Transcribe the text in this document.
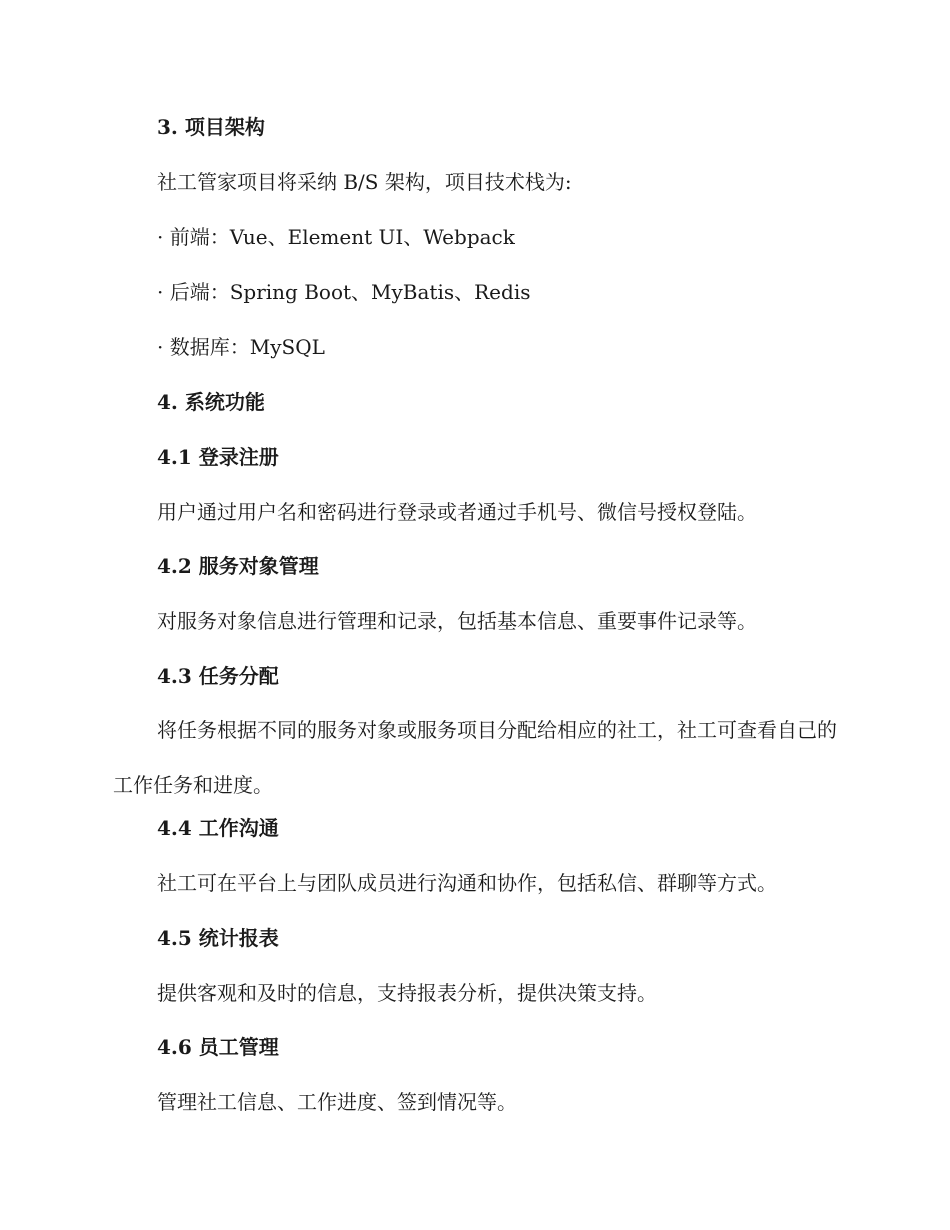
3. 项目架构
社工管家项目将采纳 B/S 架构，项目技术栈为:
· 前端：Vue、Element UI、Webpack
· 后端：Spring Boot、MyBatis、Redis
· 数据库：MySQL
4. 系统功能
4.1 登录注册
用户通过用户名和密码进行登录或者通过手机号、微信号授权登陆。
4.2 服务对象管理
对服务对象信息进行管理和记录，包括基本信息、重要事件记录等。
4.3 任务分配
将任务根据不同的服务对象或服务项目分配给相应的社工，社工可查看自己的工作任务和进度。
4.4 工作沟通
社工可在平台上与团队成员进行沟通和协作，包括私信、群聊等方式。
4.5 统计报表
提供客观和及时的信息，支持报表分析，提供决策支持。
4.6 员工管理
管理社工信息、工作进度、签到情况等。
